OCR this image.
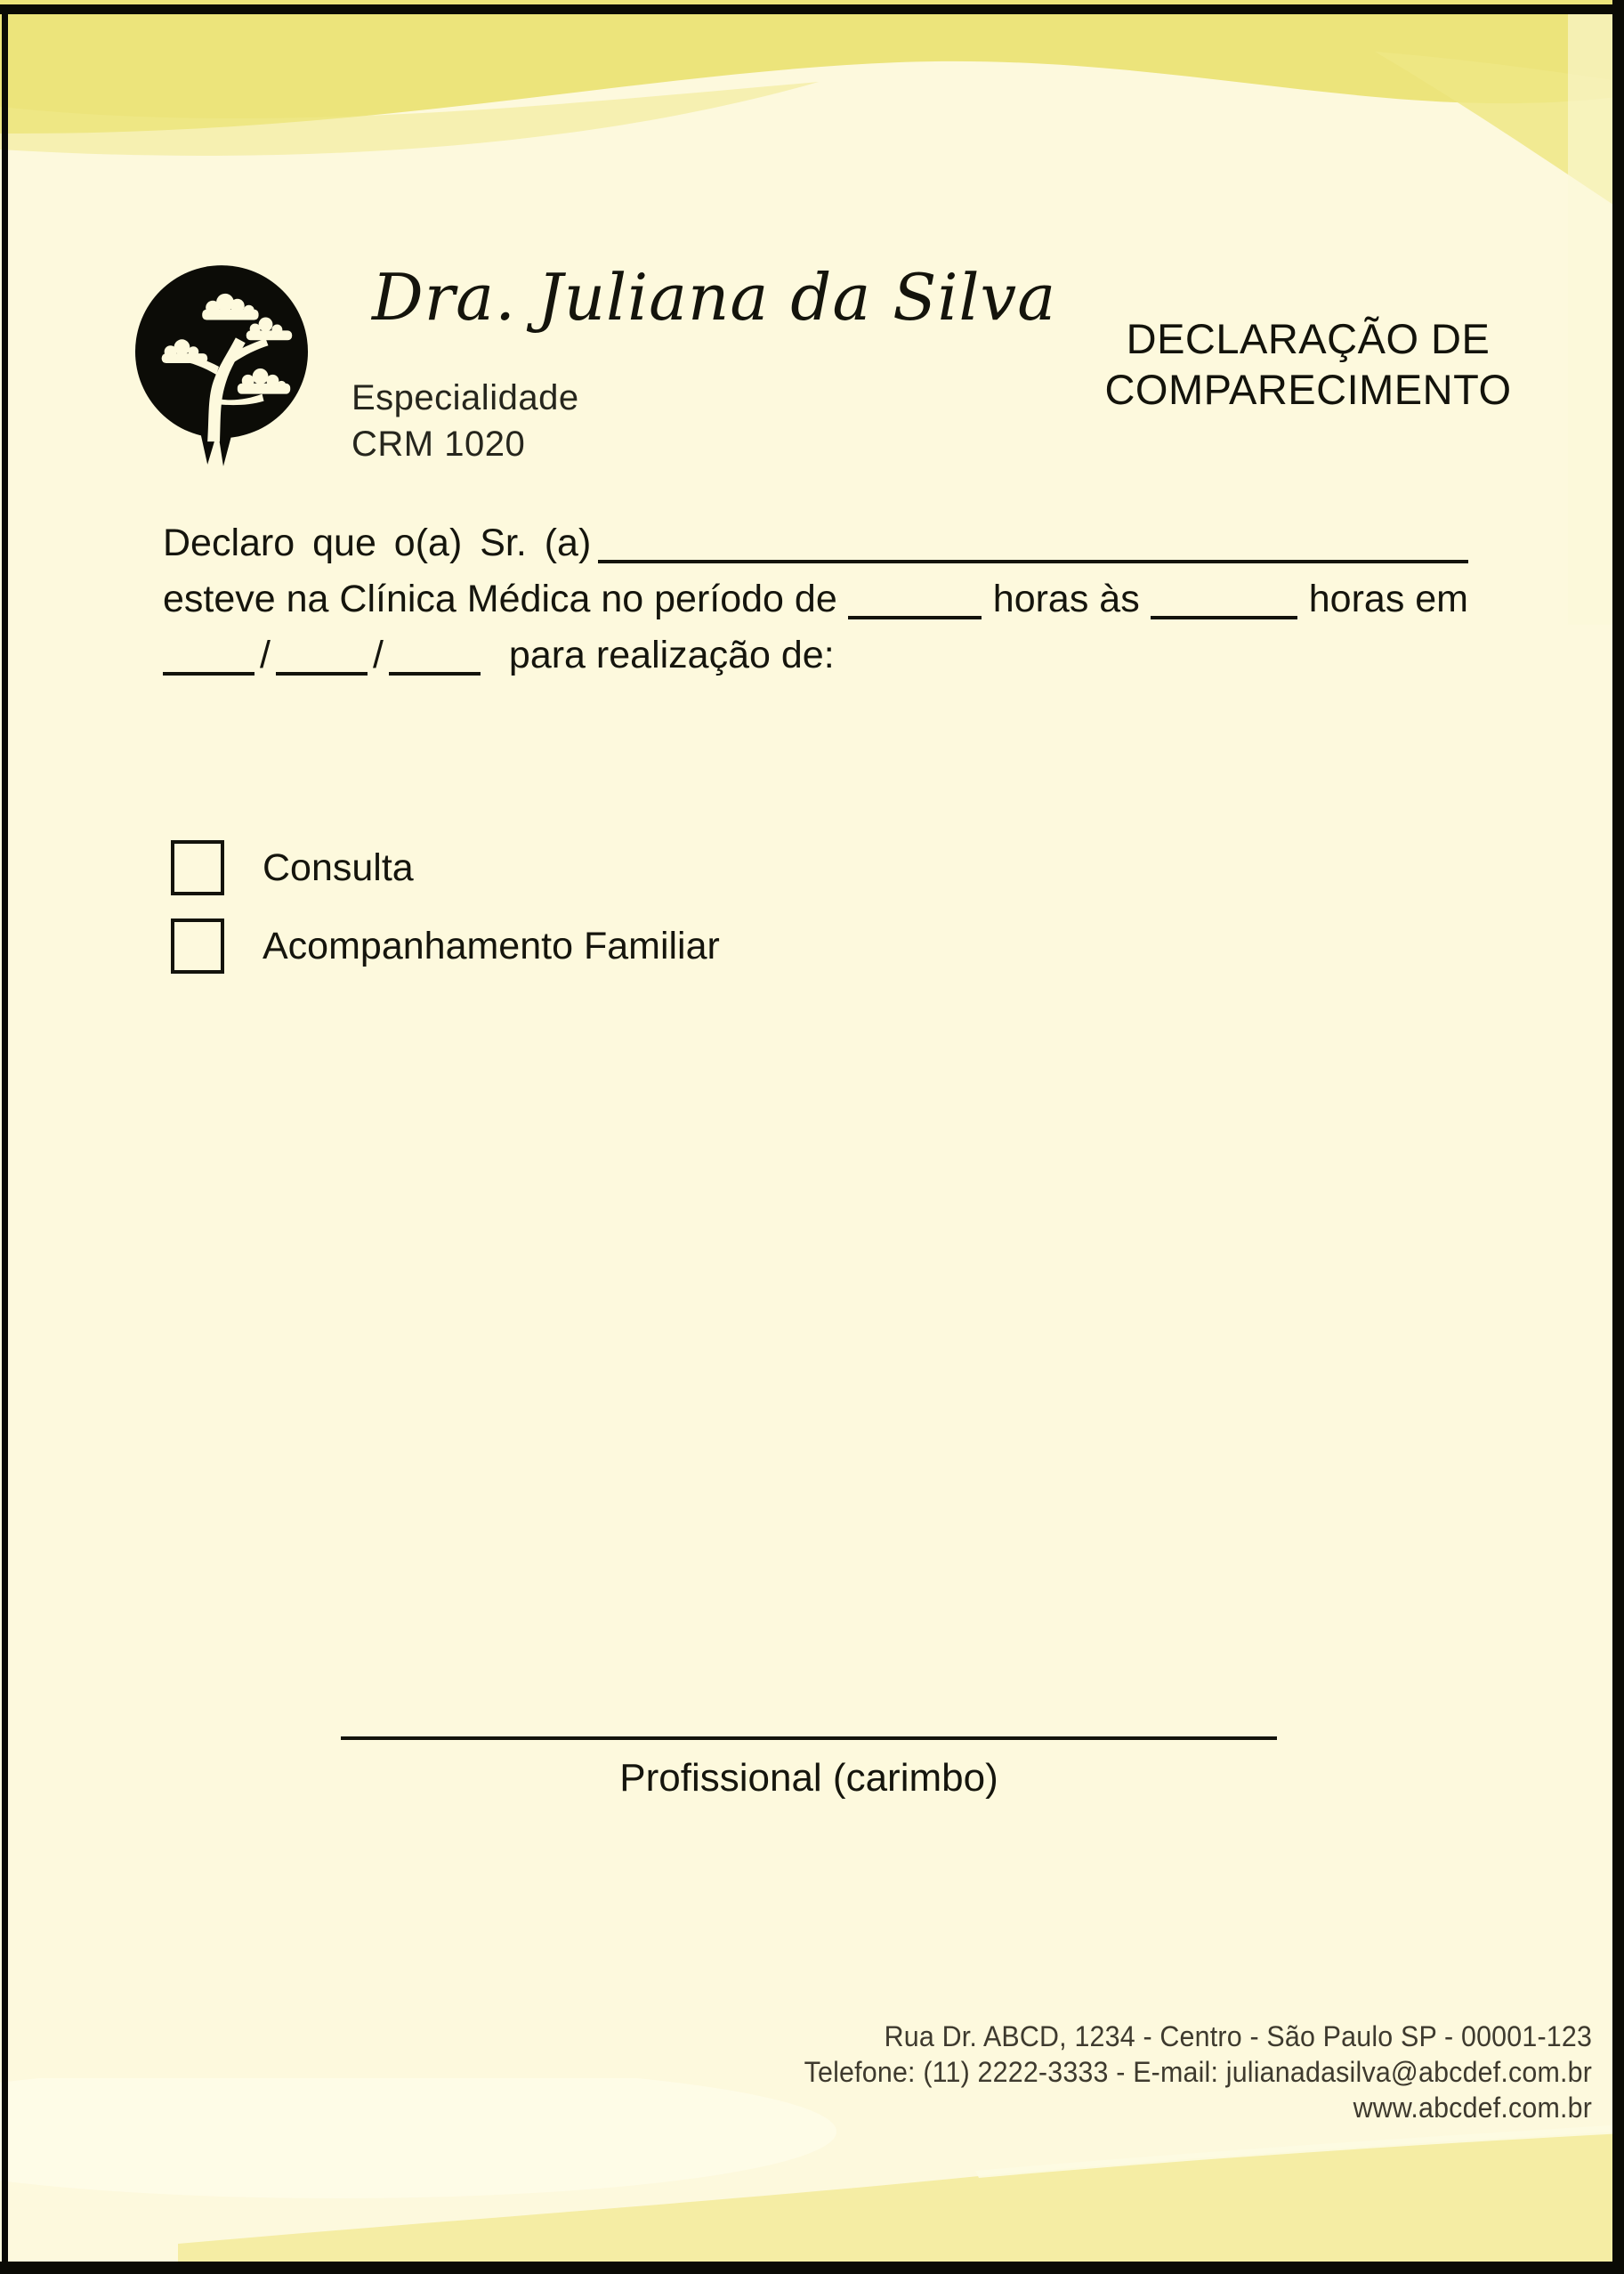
Dra. Juliana da Silva
Especialidade
CRM 1020
DECLARAÇÃO DE
COMPARECIMENTO
Declaro que o(a) Sr. (a)
esteve na Clínica Médica no período de	horas às	horas em
/	/	para realização de:
Consulta
Acompanhamento Familiar
Profissional (carimbo)
Rua Dr. ABCD, 1234 - Centro - São Paulo SP - 00001-123
Telefone: (11) 2222-3333 - E-mail: julianadasilva@abcdef.com.br
www.abcdef.com.br
